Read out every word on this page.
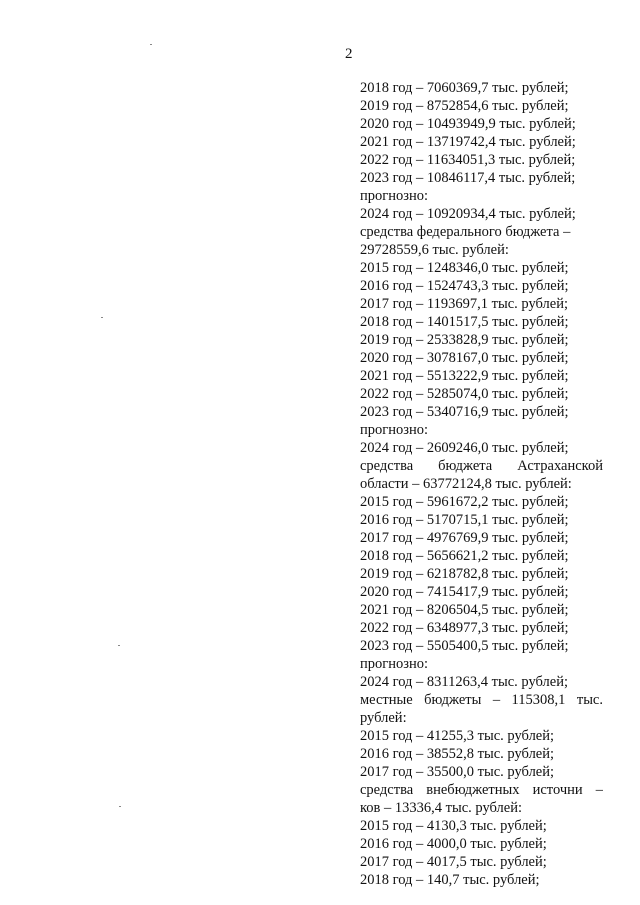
2
2018 год – 7060369,7 тыс. рублей;
2019 год – 8752854,6 тыс. рублей;
2020 год – 10493949,9 тыс. рублей;
2021 год – 13719742,4 тыс. рублей;
2022 год – 11634051,3 тыс. рублей;
2023 год – 10846117,4 тыс. рублей;
прогнозно:
2024 год – 10920934,4 тыс. рублей;
средства федерального бюджета –
29728559,6 тыс. рублей:
2015 год – 1248346,0 тыс. рублей;
2016 год – 1524743,3 тыс. рублей;
2017 год – 1193697,1 тыс. рублей;
2018 год – 1401517,5 тыс. рублей;
2019 год – 2533828,9 тыс. рублей;
2020 год – 3078167,0 тыс. рублей;
2021 год – 5513222,9 тыс. рублей;
2022 год – 5285074,0 тыс. рублей;
2023 год – 5340716,9 тыс. рублей;
прогнозно:
2024 год – 2609246,0 тыс. рублей;
средства бюджета Астраханской
области – 63772124,8 тыс. рублей:
2015 год – 5961672,2 тыс. рублей;
2016 год – 5170715,1 тыс. рублей;
2017 год – 4976769,9 тыс. рублей;
2018 год – 5656621,2 тыс. рублей;
2019 год – 6218782,8 тыс. рублей;
2020 год – 7415417,9 тыс. рублей;
2021 год – 8206504,5 тыс. рублей;
2022 год – 6348977,3 тыс. рублей;
2023 год – 5505400,5 тыс. рублей;
прогнозно:
2024 год – 8311263,4 тыс. рублей;
местные бюджеты – 115308,1 тыс.
рублей:
2015 год – 41255,3 тыс. рублей;
2016 год – 38552,8 тыс. рублей;
2017 год – 35500,0 тыс. рублей;
средства внебюджетных источни –
ков – 13336,4 тыс. рублей:
2015 год – 4130,3 тыс. рублей;
2016 год – 4000,0 тыс. рублей;
2017 год – 4017,5 тыс. рублей;
2018 год – 140,7 тыс. рублей;
